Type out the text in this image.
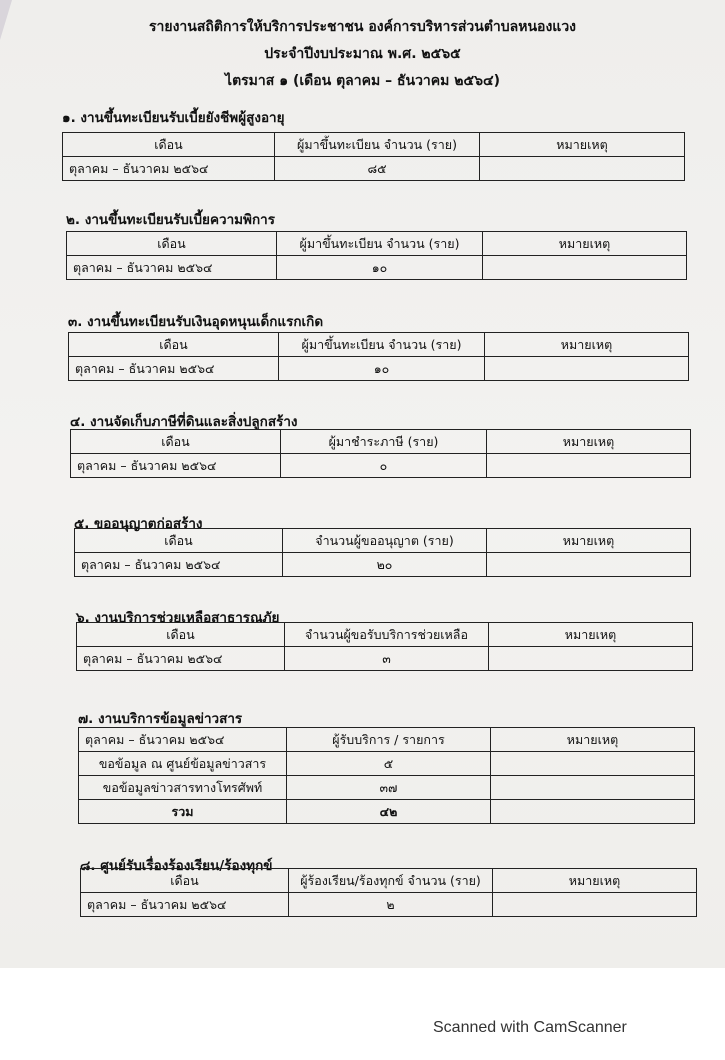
รายงานสถิติการให้บริการประชาชน องค์การบริหารส่วนตำบลหนองแวง
ประจำปีงบประมาณ พ.ศ. ๒๕๖๕
ไตรมาส ๑ (เดือน ตุลาคม – ธันวาคม ๒๕๖๔)
๑. งานขึ้นทะเบียนรับเบี้ยยังชีพผู้สูงอายุ
เดือน	ผู้มาขึ้นทะเบียน จำนวน (ราย)	หมายเหตุ
ตุลาคม – ธันวาคม ๒๕๖๔	๘๕	
๒. งานขึ้นทะเบียนรับเบี้ยความพิการ
เดือน	ผู้มาขึ้นทะเบียน จำนวน (ราย)	หมายเหตุ
ตุลาคม – ธันวาคม ๒๕๖๔	๑๐	
๓. งานขึ้นทะเบียนรับเงินอุดหนุนเด็กแรกเกิด
เดือน	ผู้มาขึ้นทะเบียน จำนวน (ราย)	หมายเหตุ
ตุลาคม – ธันวาคม ๒๕๖๔	๑๐	
๔. งานจัดเก็บภาษีที่ดินและสิ่งปลูกสร้าง
เดือน	ผู้มาชำระภาษี (ราย)	หมายเหตุ
ตุลาคม – ธันวาคม ๒๕๖๔	๐	
๕. ขออนุญาตก่อสร้าง
เดือน	จำนวนผู้ขออนุญาต (ราย)	หมายเหตุ
ตุลาคม – ธันวาคม ๒๕๖๔	๒๐	
๖. งานบริการช่วยเหลือสาธารณภัย
เดือน	จำนวนผู้ขอรับบริการช่วยเหลือ	หมายเหตุ
ตุลาคม – ธันวาคม ๒๕๖๔	๓	
๗. งานบริการข้อมูลข่าวสาร
ตุลาคม – ธันวาคม ๒๕๖๔	ผู้รับบริการ / รายการ	หมายเหตุ
ขอข้อมูล ณ ศูนย์ข้อมูลข่าวสาร	๕	
ขอข้อมูลข่าวสารทางโทรศัพท์	๓๗	
รวม	๔๒	
๘. ศูนย์รับเรื่องร้องเรียน/ร้องทุกข์
เดือน	ผู้ร้องเรียน/ร้องทุกข์ จำนวน (ราย)	หมายเหตุ
ตุลาคม – ธันวาคม ๒๕๖๔	๒	
Scanned with CamScanner
